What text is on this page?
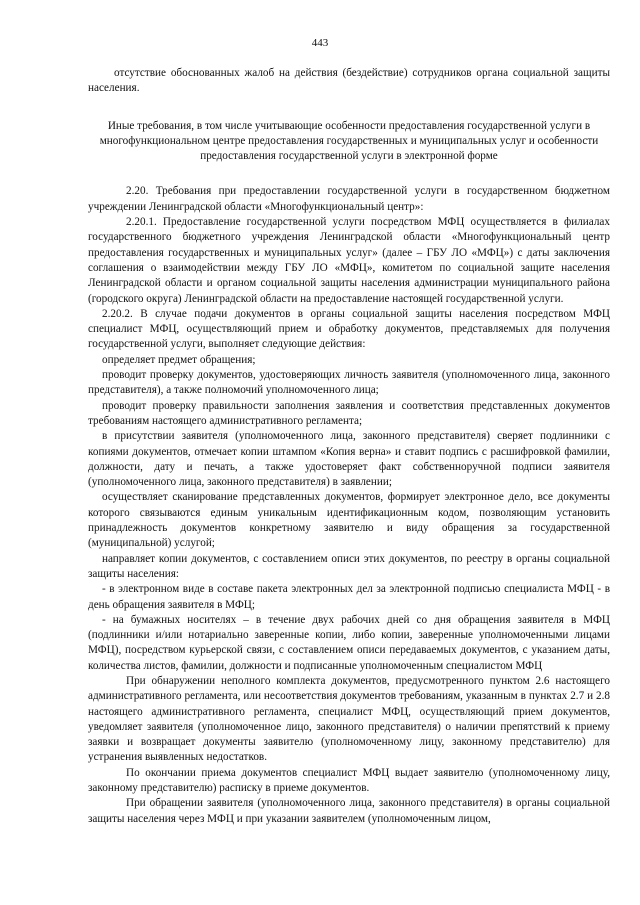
443

отсутствие обоснованных жалоб на действия (бездействие) сотрудников органа социальной защиты населения.

Иные требования, в том числе учитывающие особенности предоставления государственной услуги в многофункциональном центре предоставления государственных и муниципальных услуг и особенности предоставления государственной услуги в электронной форме

2.20. Требования при предоставлении государственной услуги в государственном бюджетном учреждении Ленинградской области «Многофункциональный центр»:

2.20.1. Предоставление государственной услуги посредством МФЦ осуществляется в филиалах государственного бюджетного учреждения Ленинградской области «Многофункциональный центр предоставления государственных и муниципальных услуг» (далее – ГБУ ЛО «МФЦ») с даты заключения соглашения о взаимодействии между ГБУ ЛО «МФЦ», комитетом по социальной защите населения Ленинградской области и органом социальной защиты населения администрации муниципального района (городского округа) Ленинградской области на предоставление настоящей государственной услуги.

2.20.2. В случае подачи документов в органы социальной защиты населения посредством МФЦ специалист МФЦ, осуществляющий прием и обработку документов, представляемых для получения государственной услуги, выполняет следующие действия:

определяет предмет обращения;

проводит проверку документов, удостоверяющих личность заявителя (уполномоченного лица, законного представителя), а также полномочий уполномоченного лица;

проводит проверку правильности заполнения заявления и соответствия представленных документов требованиям настоящего административного регламента;

в присутствии заявителя (уполномоченного лица, законного представителя) сверяет подлинники с копиями документов, отмечает копии штампом «Копия верна» и ставит подпись с расшифровкой фамилии, должности, дату и печать, а также удостоверяет факт собственноручной подписи заявителя (уполномоченного лица, законного представителя) в заявлении;

осуществляет сканирование представленных документов, формирует электронное дело, все документы которого связываются единым уникальным идентификационным кодом, позволяющим установить принадлежность документов конкретному заявителю и виду обращения за государственной (муниципальной) услугой;

направляет копии документов, с составлением описи этих документов, по реестру в органы социальной защиты населения:

- в электронном виде в составе пакета электронных дел за электронной подписью специалиста МФЦ - в день обращения заявителя в МФЦ;

- на бумажных носителях – в течение двух рабочих дней со дня обращения заявителя в МФЦ (подлинники и/или нотариально заверенные копии, либо копии, заверенные уполномоченными лицами МФЦ), посредством курьерской связи, с составлением описи передаваемых документов, с указанием даты, количества листов, фамилии, должности и подписанные уполномоченным специалистом МФЦ

При обнаружении неполного комплекта документов, предусмотренного пунктом 2.6 настоящего административного регламента, или несоответствия документов требованиям, указанным в пунктах 2.7 и 2.8 настоящего административного регламента, специалист МФЦ, осуществляющий прием документов, уведомляет заявителя (уполномоченное лицо, законного представителя) о наличии препятствий к приему заявки и возвращает документы заявителю (уполномоченному лицу, законному представителю) для устранения выявленных недостатков.

По окончании приема документов специалист МФЦ выдает заявителю (уполномоченному лицу, законному представителю) расписку в приеме документов.

При обращении заявителя (уполномоченного лица, законного представителя) в органы социальной защиты населения через МФЦ и при указании заявителем (уполномоченным лицом,
